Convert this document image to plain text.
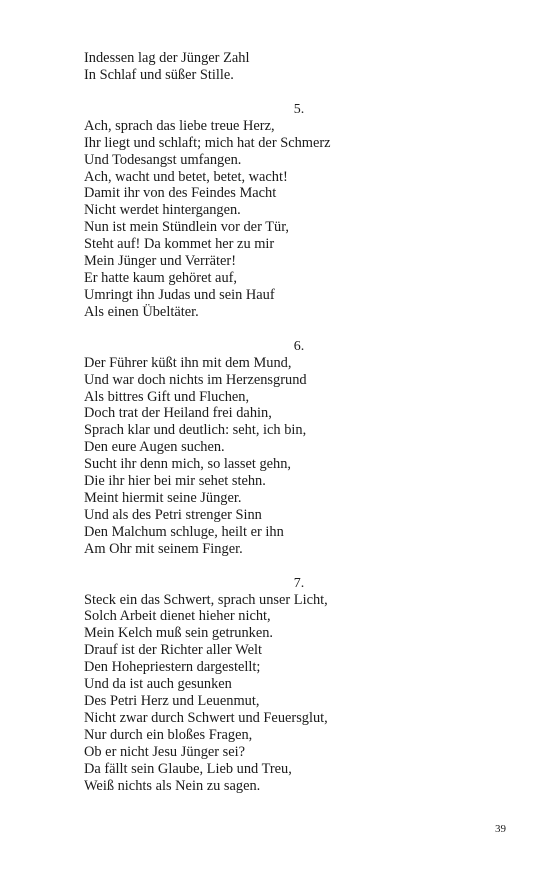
Indessen lag der Jünger Zahl
In Schlaf und süßer Stille.
5.
Ach, sprach das liebe treue Herz,
Ihr liegt und schlaft; mich hat der Schmerz
Und Todesangst umfangen.
Ach, wacht und betet, betet, wacht!
Damit ihr von des Feindes Macht
Nicht werdet hintergangen.
Nun ist mein Stündlein vor der Tür,
Steht auf! Da kommet her zu mir
Mein Jünger und Verräter!
Er hatte kaum gehöret auf,
Umringt ihn Judas und sein Hauf
Als einen Übeltäter.
6.
Der Führer küßt ihn mit dem Mund,
Und war doch nichts im Herzensgrund
Als bittres Gift und Fluchen,
Doch trat der Heiland frei dahin,
Sprach klar und deutlich: seht, ich bin,
Den eure Augen suchen.
Sucht ihr denn mich, so lasset gehn,
Die ihr hier bei mir sehet stehn.
Meint hiermit seine Jünger.
Und als des Petri strenger Sinn
Den Malchum schluge, heilt er ihn
Am Ohr mit seinem Finger.
7.
Steck ein das Schwert, sprach unser Licht,
Solch Arbeit dienet hieher nicht,
Mein Kelch muß sein getrunken.
Drauf ist der Richter aller Welt
Den Hohepriestern dargestellt;
Und da ist auch gesunken
Des Petri Herz und Leuenmut,
Nicht zwar durch Schwert und Feuersglut,
Nur durch ein bloßes Fragen,
Ob er nicht Jesu Jünger sei?
Da fällt sein Glaube, Lieb und Treu,
Weiß nichts als Nein zu sagen.
39
